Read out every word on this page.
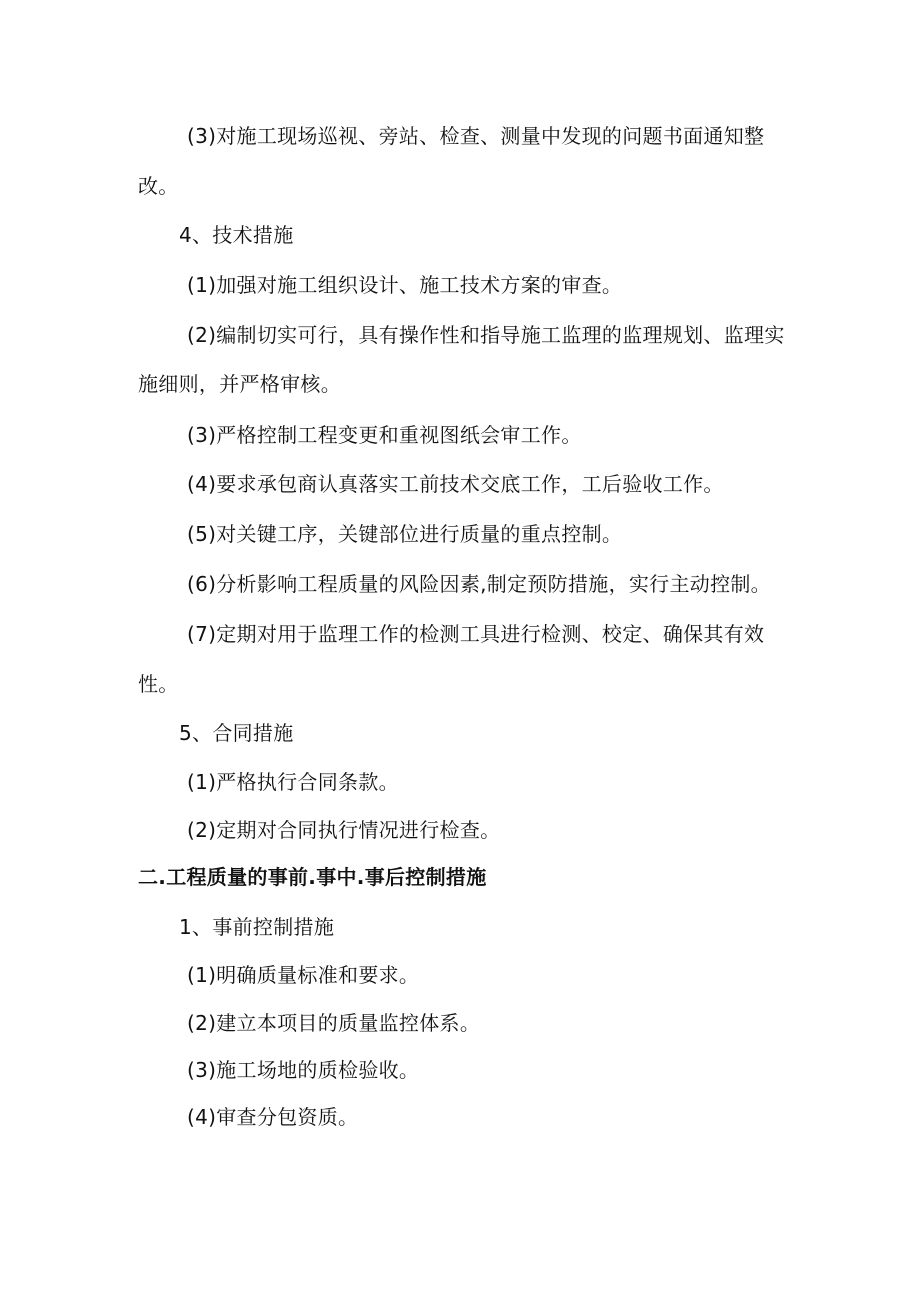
(3)对施工现场巡视、旁站、检查、测量中发现的问题书面通知整
改。
4、技术措施
(1)加强对施工组织设计、施工技术方案的审查。
(2)编制切实可行，具有操作性和指导施工监理的监理规划、监理实
施细则，并严格审核。
(3)严格控制工程变更和重视图纸会审工作。
(4)要求承包商认真落实工前技术交底工作，工后验收工作。
(5)对关键工序，关键部位进行质量的重点控制。
(6)分析影响工程质量的风险因素,制定预防措施，实行主动控制。
(7)定期对用于监理工作的检测工具进行检测、校定、确保其有效
性。
5、合同措施
(1)严格执行合同条款。
(2)定期对合同执行情况进行检查。
二.工程质量的事前.事中.事后控制措施
1、事前控制措施
(1)明确质量标准和要求。
(2)建立本项目的质量监控体系。
(3)施工场地的质检验收。
(4)审查分包资质。
